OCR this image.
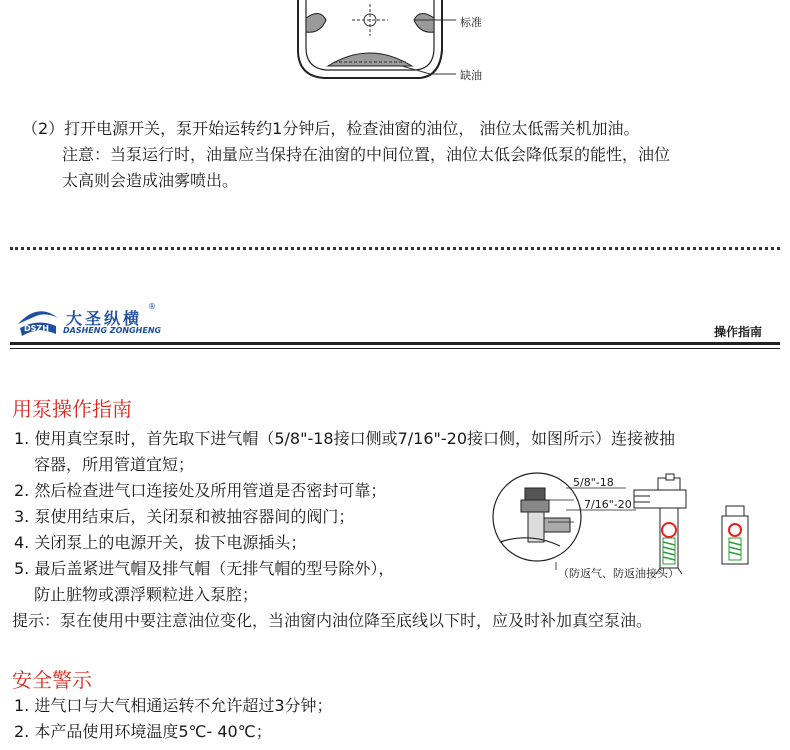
标准
缺油
（2）打开电源开关，泵开始运转约1分钟后，检查油窗的油位， 油位太低需关机加油。
注意：当泵运行时，油量应当保持在油窗的中间位置，油位太低会降低泵的能性，油位
太高则会造成油雾喷出。
DSZH
大圣纵横
®
DASHENG ZONGHENG	操作指南
用泵操作指南
1. 使用真空泵时，首先取下进气帽（5/8"-18接口侧或7/16"-20接口侧，如图所示）连接被抽
容器，所用管道宜短；
2. 然后检查进气口连接处及所用管道是否密封可靠；
3. 泵使用结束后，关闭泵和被抽容器间的阀门；
4. 关闭泵上的电源开关，拔下电源插头；
5. 最后盖紧进气帽及排气帽（无排气帽的型号除外），
防止脏物或漂浮颗粒进入泵腔；
提示：泵在使用中要注意油位变化，当油窗内油位降至底线以下时，应及时补加真空泵油。
5/8"-18
7/16"-20
（防返气、防返油接头）
安全警示
1. 进气口与大气相通运转不允许超过3分钟；
2. 本产品使用环境温度5℃- 40℃；
